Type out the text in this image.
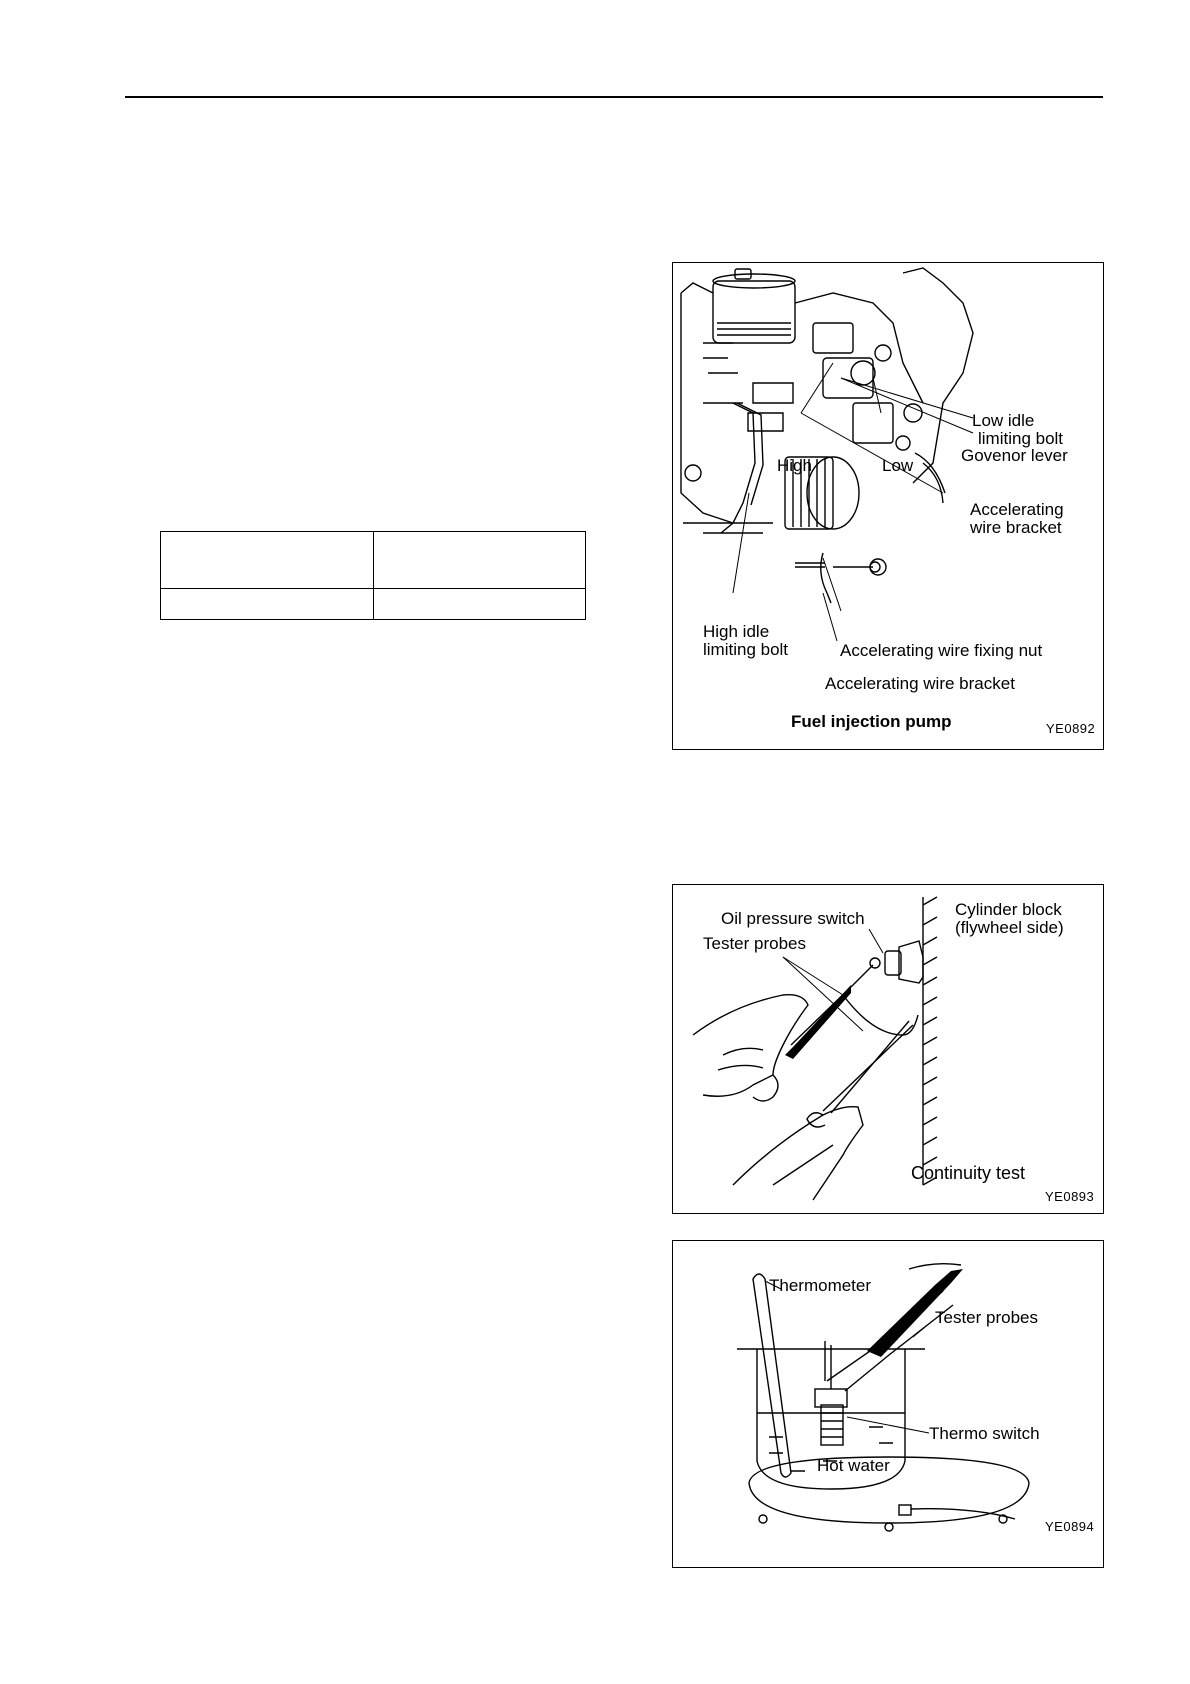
Low idle
limiting bolt
Govenor lever
Accelerating
wire bracket
High	Low
High idle
limiting bolt	Accelerating wire fixing nut
Accelerating wire bracket
Fuel injection pump	YE0892
Oil pressure switch
Tester probes
Cylinder block
(flywheel side)
Continuity test
YE0893
Thermometer
Tester probes
Thermo switch
Hot water
YE0894
